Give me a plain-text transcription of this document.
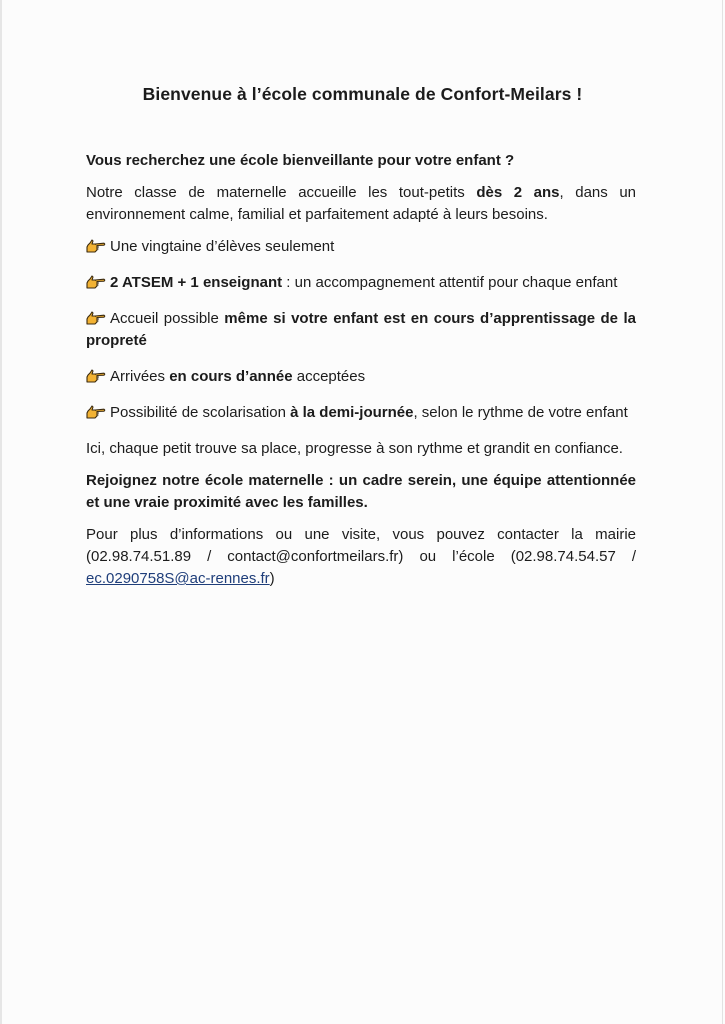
Bienvenue à l’école communale de Confort-Meilars !

Vous recherchez une école bienveillante pour votre enfant ?

Notre classe de maternelle accueille les tout-petits dès 2 ans, dans un environnement calme, familial et parfaitement adapté à leurs besoins.

Une vingtaine d’élèves seulement

2 ATSEM + 1 enseignant : un accompagnement attentif pour chaque enfant

Accueil possible même si votre enfant est en cours d’apprentissage de la propreté

Arrivées en cours d’année acceptées

Possibilité de scolarisation à la demi-journée, selon le rythme de votre enfant

Ici, chaque petit trouve sa place, progresse à son rythme et grandit en confiance.

Rejoignez notre école maternelle : un cadre serein, une équipe attentionnée et une vraie proximité avec les familles.

Pour plus d’informations ou une visite, vous pouvez contacter la mairie (02.98.74.51.89 / contact@confortmeilars.fr) ou l’école (02.98.74.54.57 / ec.0290758S@ac-rennes.fr)
